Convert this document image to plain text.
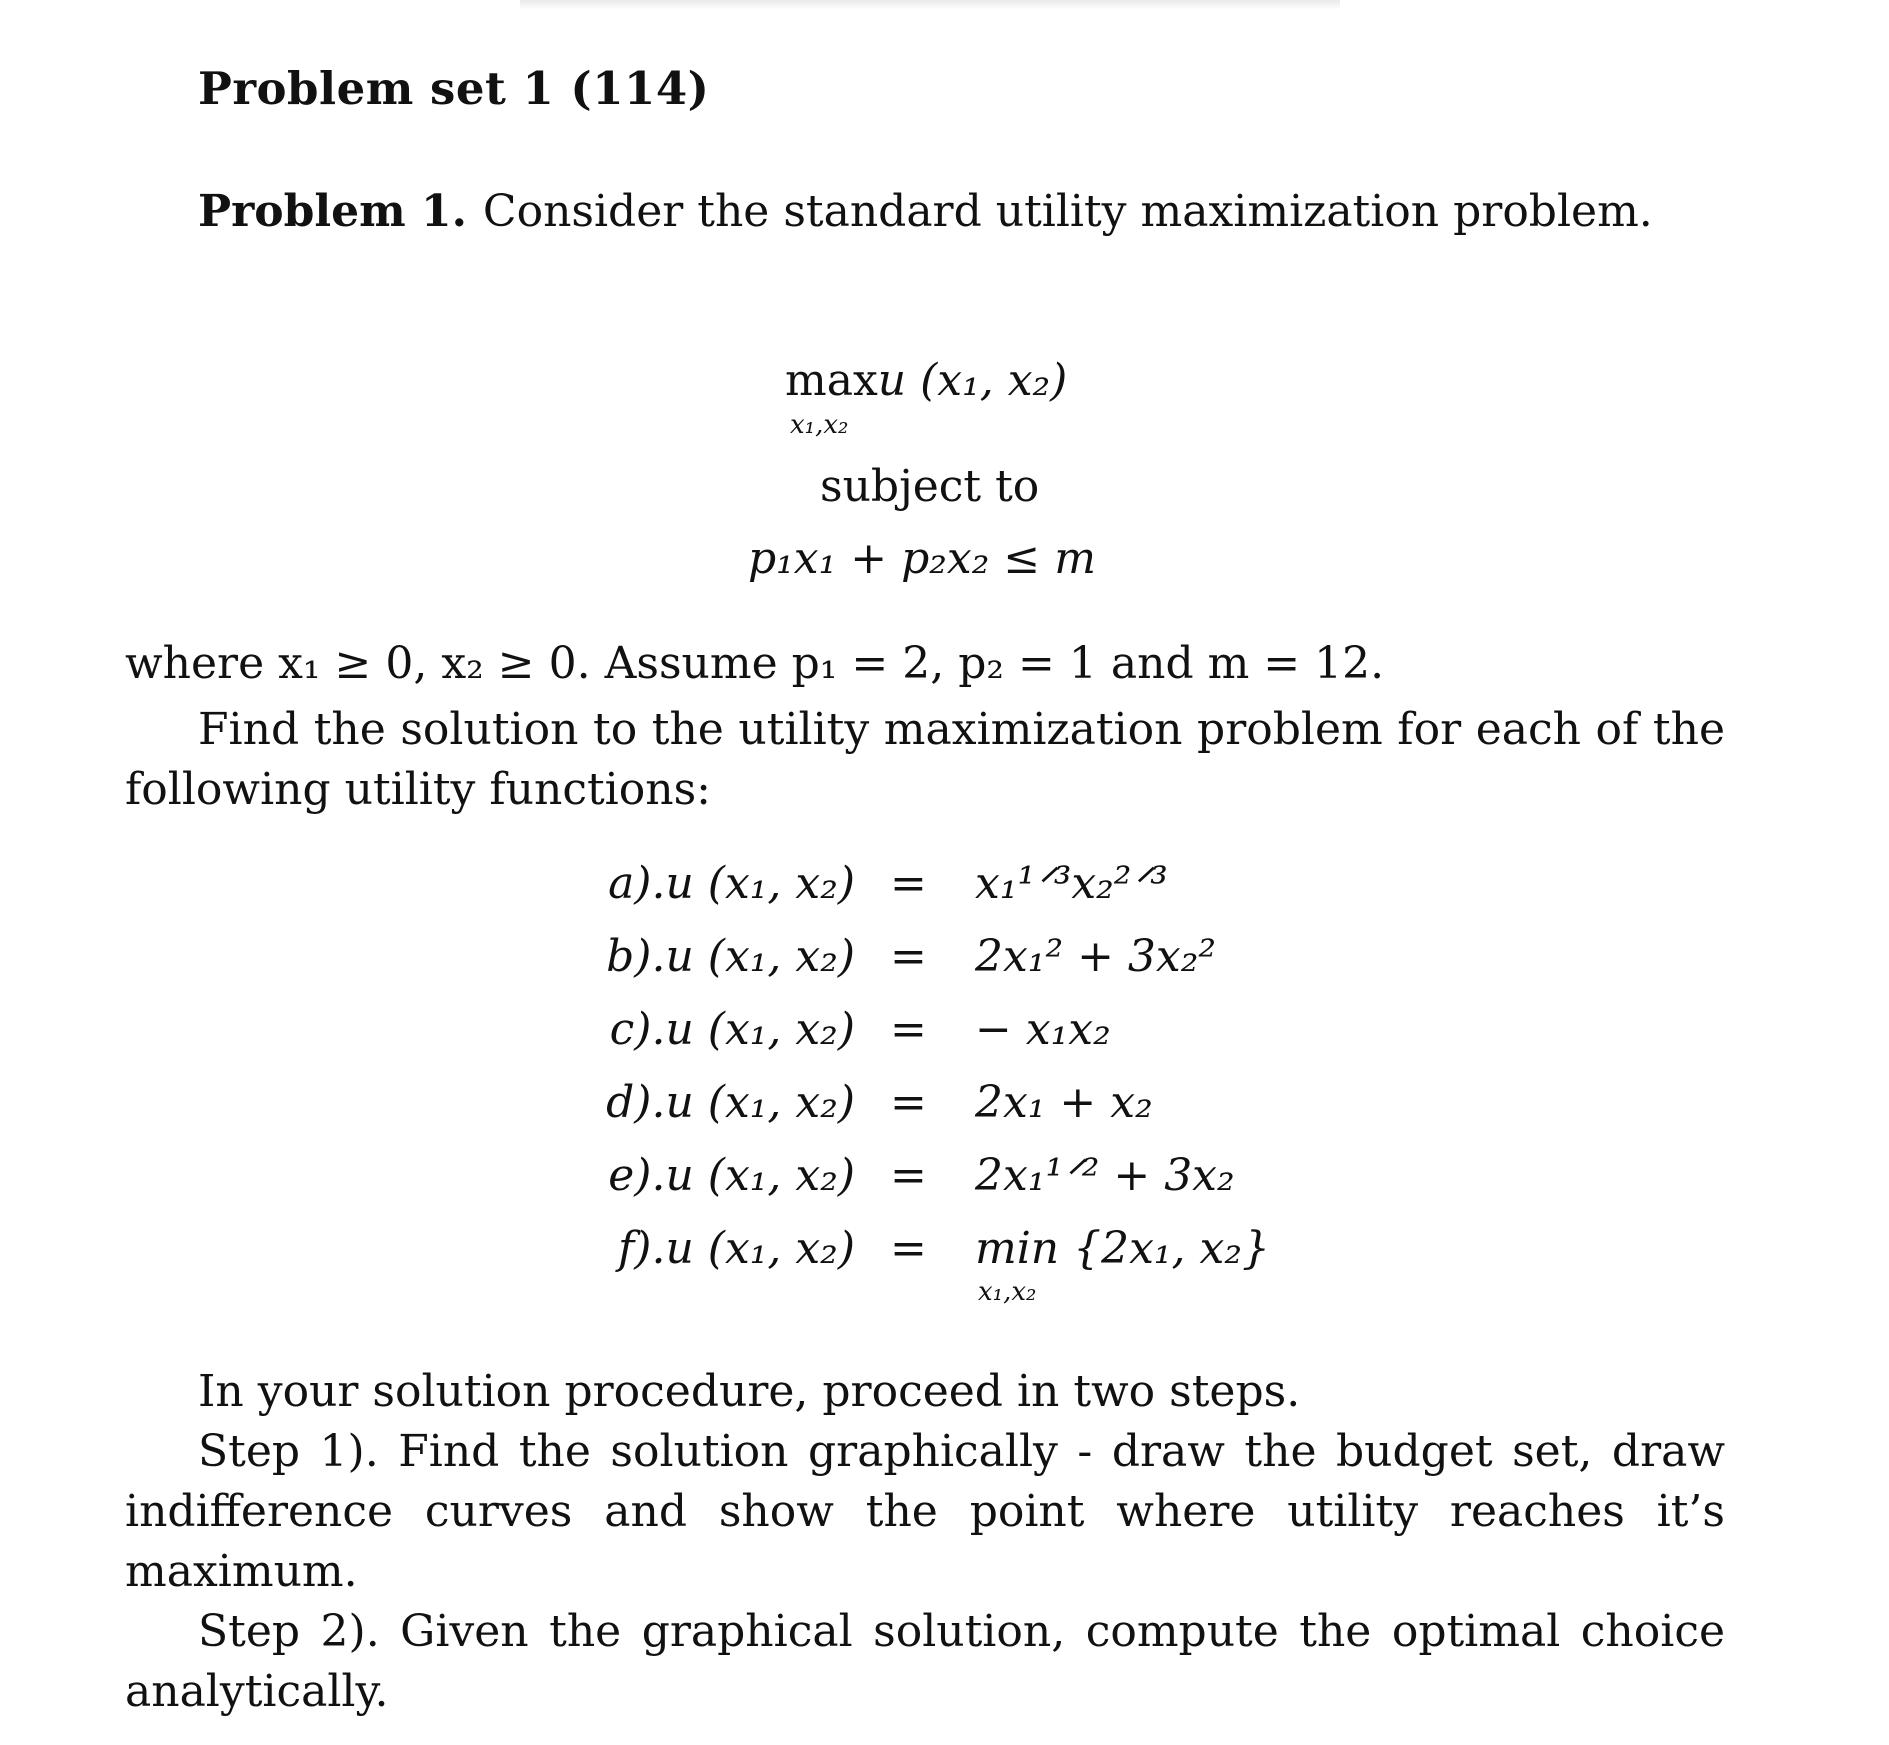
Problem set 1 (114)
Problem 1. Consider the standard utility maximization problem.
maxu (x₁, x₂)
x₁,x₂
subject to
p₁x₁ + p₂x₂ ≤ m
where x₁ ≥ 0, x₂ ≥ 0. Assume p₁ = 2, p₂ = 1 and m = 12.
Find the solution to the utility maximization problem for each of the following utility functions:
a).u (x₁, x₂) = x₁¹ᐟ³x₂²ᐟ³
b).u (x₁, x₂) = 2x₁² + 3x₂²
c).u (x₁, x₂) = − x₁x₂
d).u (x₁, x₂) = 2x₁ + x₂
e).u (x₁, x₂) = 2x₁¹ᐟ² + 3x₂
f).u (x₁, x₂) = min {2x₁, x₂}
x₁,x₂

In your solution procedure, proceed in two steps.

Step 1). Find the solution graphically - draw the budget set, draw indifference curves and show the point where utility reaches it’s maximum.

Step 2). Given the graphical solution, compute the optimal choice analytically.
